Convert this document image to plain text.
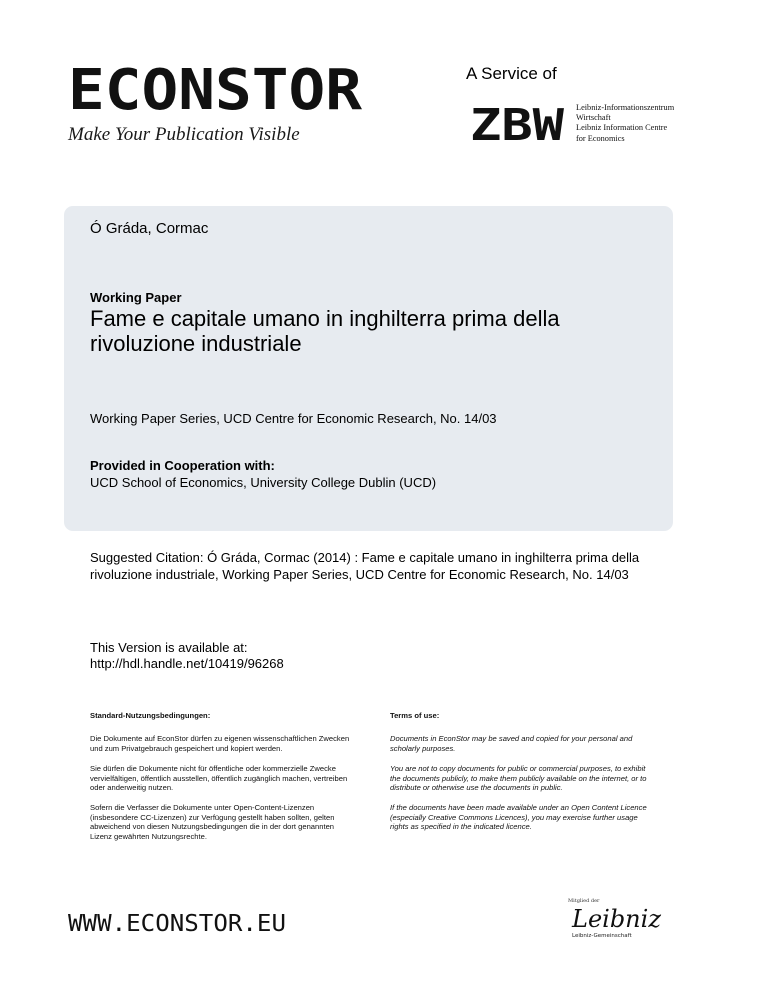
ECONSTOR
Make Your Publication Visible
A Service of
ZBW Leibniz-Informationszentrum
Wirtschaft
Leibniz Information Centre
for Economics
Ó Gráda, Cormac
Working Paper
Fame e capitale umano in inghilterra prima della rivoluzione industriale
Working Paper Series, UCD Centre for Economic Research, No. 14/03
Provided in Cooperation with:
UCD School of Economics, University College Dublin (UCD)
Suggested Citation: Ó Gráda, Cormac (2014) : Fame e capitale umano in inghilterra prima della rivoluzione industriale, Working Paper Series, UCD Centre for Economic Research, No. 14/03
This Version is available at:
http://hdl.handle.net/10419/96268
Standard-Nutzungsbedingungen:

Die Dokumente auf EconStor dürfen zu eigenen wissenschaftlichen Zwecken und zum Privatgebrauch gespeichert und kopiert werden.

Sie dürfen die Dokumente nicht für öffentliche oder kommerzielle Zwecke vervielfältigen, öffentlich ausstellen, öffentlich zugänglich machen, vertreiben oder anderweitig nutzen.

Sofern die Verfasser die Dokumente unter Open-Content-Lizenzen (insbesondere CC-Lizenzen) zur Verfügung gestellt haben sollten, gelten abweichend von diesen Nutzungsbedingungen die in der dort genannten Lizenz gewährten Nutzungsrechte.

Terms of use:

Documents in EconStor may be saved and copied for your personal and scholarly purposes.

You are not to copy documents for public or commercial purposes, to exhibit the documents publicly, to make them publicly available on the internet, or to distribute or otherwise use the documents in public.

If the documents have been made available under an Open Content Licence (especially Creative Commons Licences), you may exercise further usage rights as specified in the indicated licence.

WWW.ECONSTOR.EU
Mitglied der
Leibniz
Leibniz-Gemeinschaft
